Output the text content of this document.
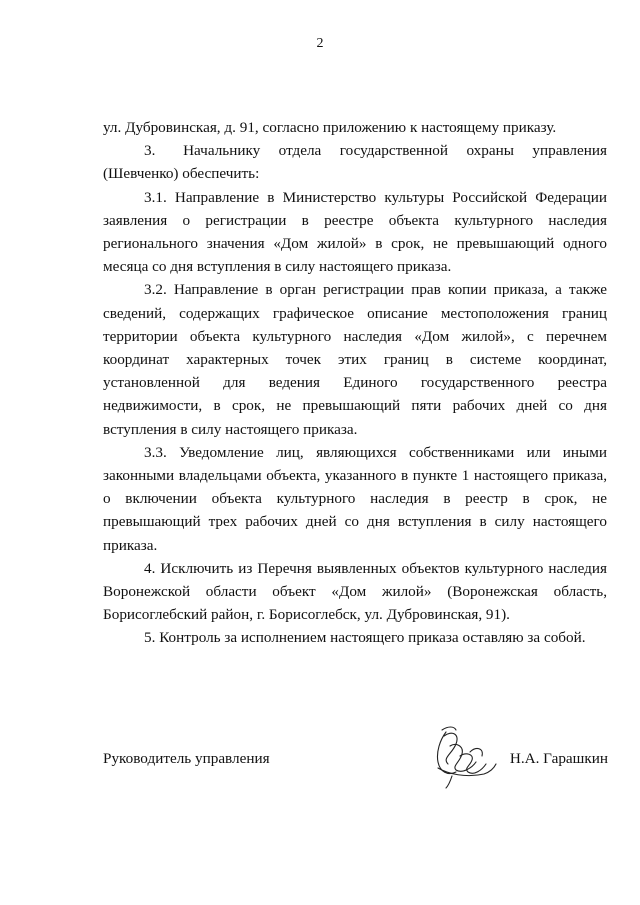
2

ул. Дубровинская, д. 91, согласно приложению к настоящему приказу.

3.      Начальнику    отдела    государственной    охраны    управления (Шевченко) обеспечить:

3.1. Направление в Министерство культуры Российской Федерации заявления о регистрации в реестре объекта культурного наследия регионального значения «Дом жилой» в срок, не превышающий одного месяца со дня вступления в силу настоящего приказа.

3.2. Направление в орган регистрации прав копии приказа, а также сведений, содержащих графическое описание местоположения границ территории объекта культурного наследия «Дом жилой», с перечнем координат характерных точек этих границ в системе координат, установленной для ведения Единого государственного реестра недвижимости, в срок, не превышающий пяти рабочих дней со дня вступления в силу настоящего приказа.

3.3. Уведомление лиц, являющихся собственниками или иными законными владельцами объекта, указанного в пункте 1 настоящего приказа, о включении объекта культурного наследия в реестр в срок, не превышающий трех рабочих дней со дня вступления в силу настоящего приказа.

4. Исключить из Перечня выявленных объектов культурного наследия Воронежской области объект «Дом жилой» (Воронежская область, Борисоглебский район, г. Борисоглебск, ул. Дубровинская, 91).

5. Контроль за исполнением настоящего приказа оставляю за собой.

Руководитель управления	Н.А. Гарашкин
